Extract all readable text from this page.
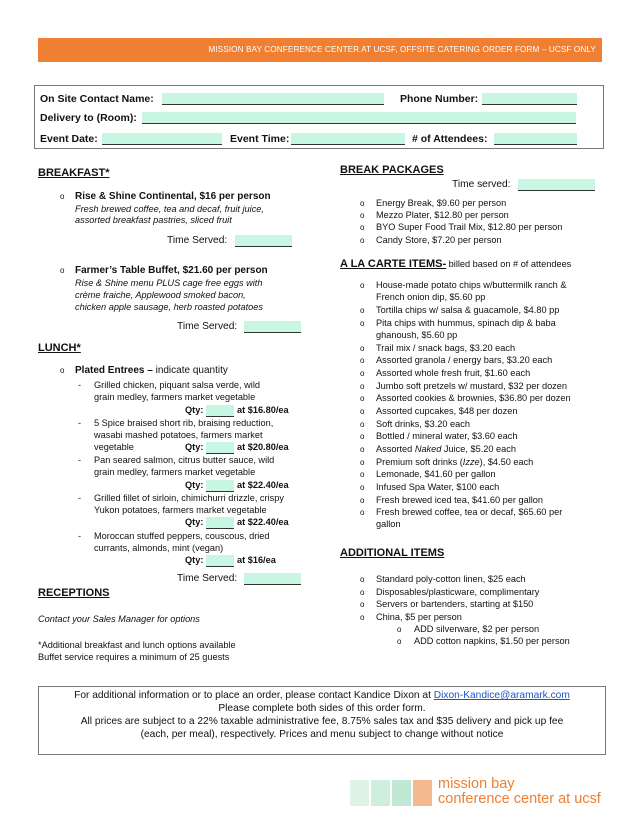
MISSION BAY CONFERENCE CENTER AT UCSF, OFFSITE CATERING ORDER FORM – UCSF ONLY
On Site Contact Name:	Phone Number:
Delivery to (Room):
Event Date:	Event Time:	# of Attendees:
BREAKFAST*
o Rise & Shine Continental, $16 per person
Fresh brewed coffee, tea and decaf, fruit juice,
assorted breakfast pastries, sliced fruit
Time Served:
o Farmer’s Table Buffet, $21.60 per person
Rise & Shine menu PLUS cage free eggs with
crème fraiche, Applewood smoked bacon,
chicken apple sausage, herb roasted potatoes
Time Served:
LUNCH*
o Plated Entrees – indicate quantity
- Grilled chicken, piquant salsa verde, wild
grain medley, farmers market vegetable
Qty:	at $16.80/ea
- 5 Spice braised short rib, braising reduction,
wasabi mashed potatoes, farmers market
vegetable	Qty:	at $20.80/ea
- Pan seared salmon, citrus butter sauce, wild
grain medley, farmers market vegetable
Qty:	at $22.40/ea
- Grilled fillet of sirloin, chimichurri drizzle, crispy
Yukon potatoes, farmers market vegetable
Qty:	at $22.40/ea
- Moroccan stuffed peppers, couscous, dried
currants, almonds, mint (vegan)
Qty:	at $16/ea
Time Served:
RECEPTIONS
Contact your Sales Manager for options
*Additional breakfast and lunch options available
Buffet service requires a minimum of 25 guests
BREAK PACKAGES
Time served:
o Energy Break, $9.60 per person
o Mezzo Plater, $12.80 per person
o BYO Super Food Trail Mix, $12.80 per person
o Candy Store, $7.20 per person
A LA CARTE ITEMS- billed based on # of attendees
o House-made potato chips w/buttermilk ranch &
French onion dip, $5.60 pp
o Tortilla chips w/ salsa & guacamole, $4.80 pp
o Pita chips with hummus, spinach dip & baba
ghanoush, $5.60 pp
o Trail mix / snack bags, $3.20 each
o Assorted granola / energy bars, $3.20 each
o Assorted whole fresh fruit, $1.60 each
o Jumbo soft pretzels w/ mustard, $32 per dozen
o Assorted cookies & brownies, $36.80 per dozen
o Assorted cupcakes, $48 per dozen
o Soft drinks, $3.20 each
o Bottled / mineral water, $3.60 each
o Assorted Naked Juice, $5.20 each
o Premium soft drinks (Izze), $4.50 each
o Lemonade, $41.60 per gallon
o Infused Spa Water, $100 each
o Fresh brewed iced tea, $41.60 per gallon
o Fresh brewed coffee, tea or decaf, $65.60 per
gallon
ADDITIONAL ITEMS
o Standard poly-cotton linen, $25 each
o Disposables/plasticware, complimentary
o Servers or bartenders, starting at $150
o China, $5 per person
o ADD silverware, $2 per person
o ADD cotton napkins, $1.50 per person
For additional information or to place an order, please contact Kandice Dixon at Dixon-Kandice@aramark.com
Please complete both sides of this order form.
All prices are subject to a 22% taxable administrative fee, 8.75% sales tax and $35 delivery and pick up fee
(each, per meal), respectively. Prices and menu subject to change without notice
mission bay
conference center at ucsf
